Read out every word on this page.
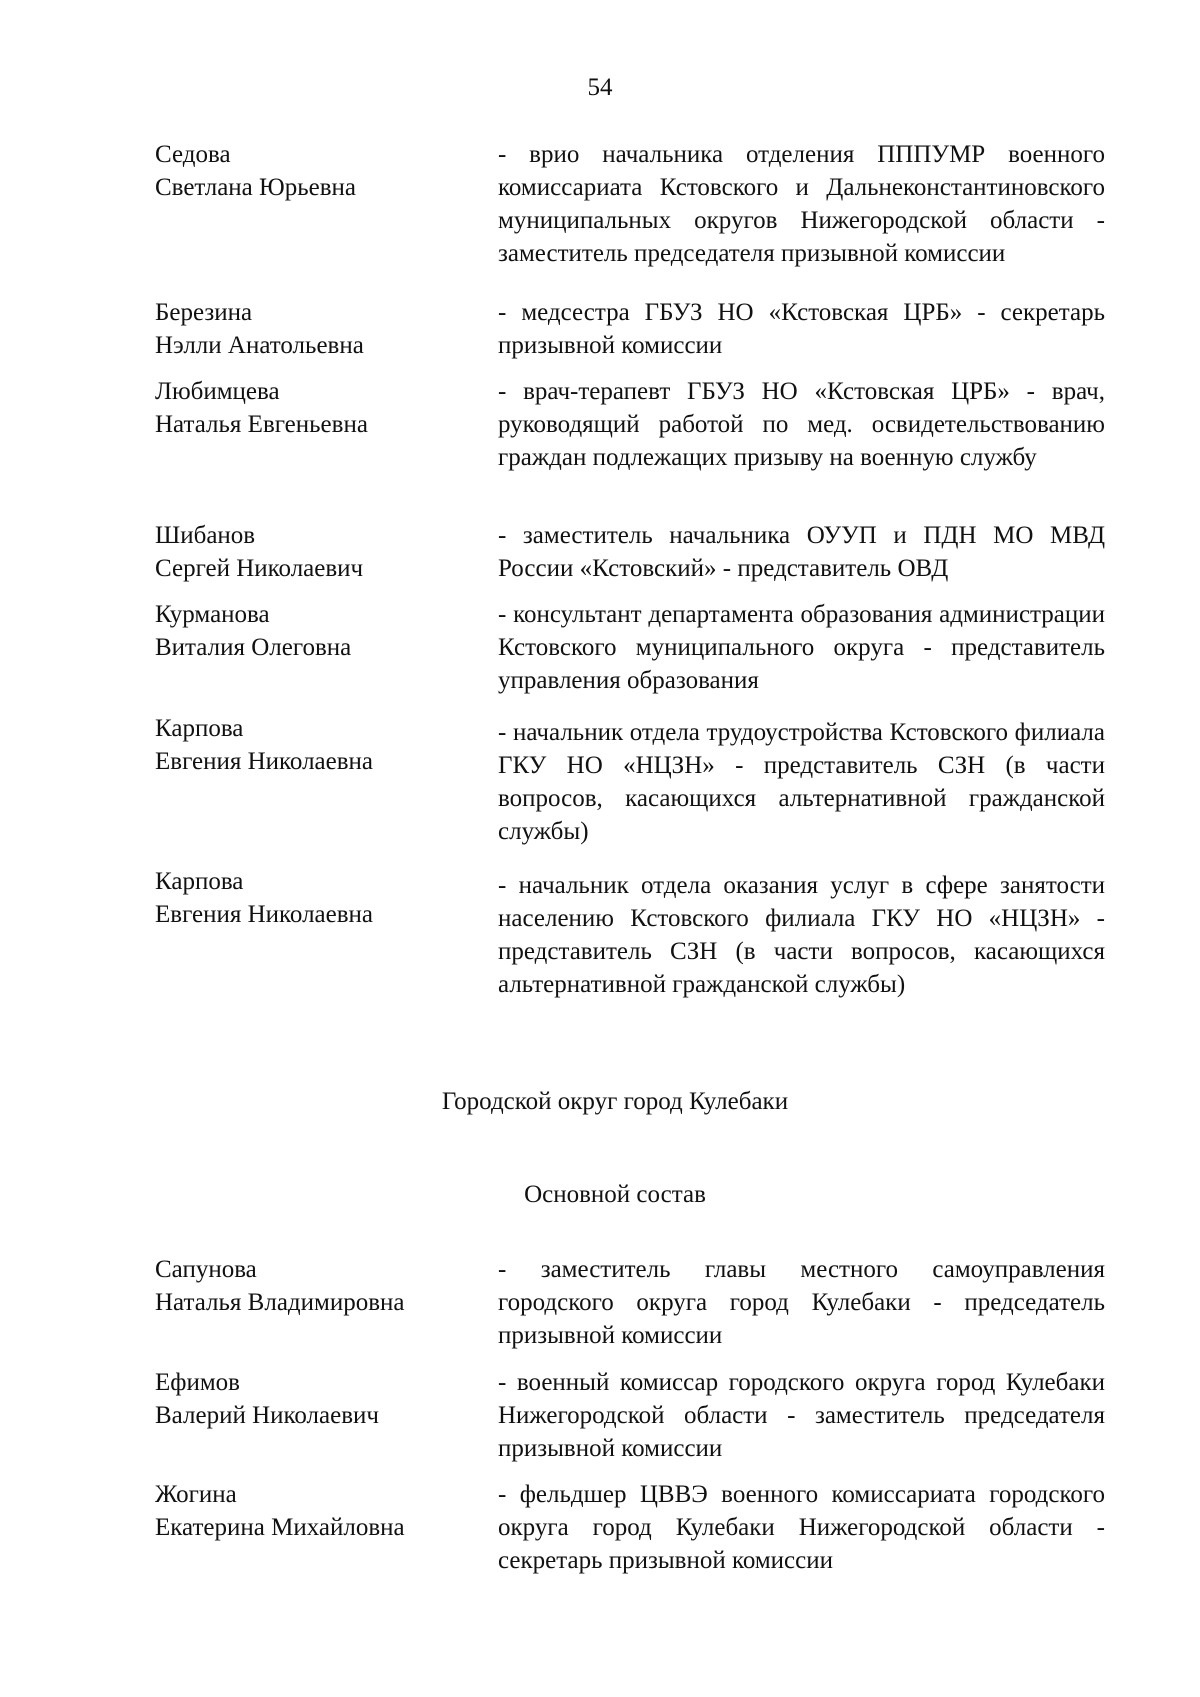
54
Седова
Светлана Юрьевна
- врио начальника отделения ПППУМР военного комиссариата Кстовского и Дальнеконстантиновского муниципальных округов Нижегородской области - заместитель председателя призывной комиссии
Березина
Нэлли Анатольевна
- медсестра ГБУЗ НО «Кстовская ЦРБ» - секретарь призывной комиссии
Любимцева
Наталья Евгеньевна
- врач-терапевт ГБУЗ НО «Кстовская ЦРБ» - врач, руководящий работой по мед. освидетельствованию граждан подлежащих призыву на военную службу
Шибанов
Сергей Николаевич
- заместитель начальника ОУУП и ПДН МО МВД России «Кстовский» - представитель ОВД
Курманова
Виталия Олеговна
- консультант департамента образования администрации Кстовского муниципального округа - представитель управления образования
Карпова
Евгения Николаевна
- начальник отдела трудоустройства Кстовского филиала ГКУ НО «НЦЗН» - представитель СЗН (в части вопросов, касающихся альтернативной гражданской службы)
Карпова
Евгения Николаевна
- начальник отдела оказания услуг в сфере занятости населению Кстовского филиала ГКУ НО «НЦЗН» - представитель СЗН (в части вопросов, касающихся альтернативной гражданской службы)
Городской округ город Кулебаки
Основной состав
Сапунова
Наталья Владимировна
- заместитель главы местного самоуправления городского округа город Кулебаки - председатель призывной комиссии
Ефимов
Валерий Николаевич
- военный комиссар городского округа город Кулебаки Нижегородской области - заместитель председателя призывной комиссии
Жогина
Екатерина Михайловна
- фельдшер ЦВВЭ военного комиссариата городского округа город Кулебаки Нижегородской области - секретарь призывной комиссии
